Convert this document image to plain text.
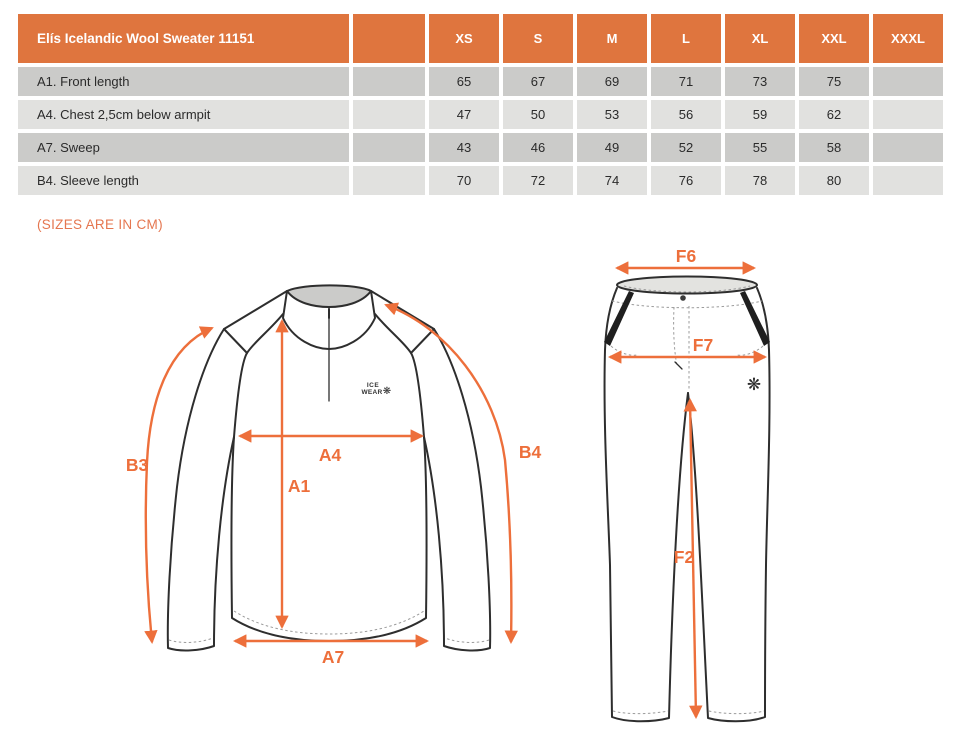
Elís Icelandic Wool Sweater 11151		XS	S	M	L	XL	XXL	XXXL
A1. Front length		65	67	69	71	73	75	
A4. Chest 2,5cm below armpit		47	50	53	56	59	62	
A7. Sweep		43	46	49	52	55	58	
B4. Sleeve length		70	72	74	76	78	80	
(SIZES ARE IN CM)
ICE
WEAR ❋
B3	A4
A1
B4
A7
❋
F6
F7
F2
